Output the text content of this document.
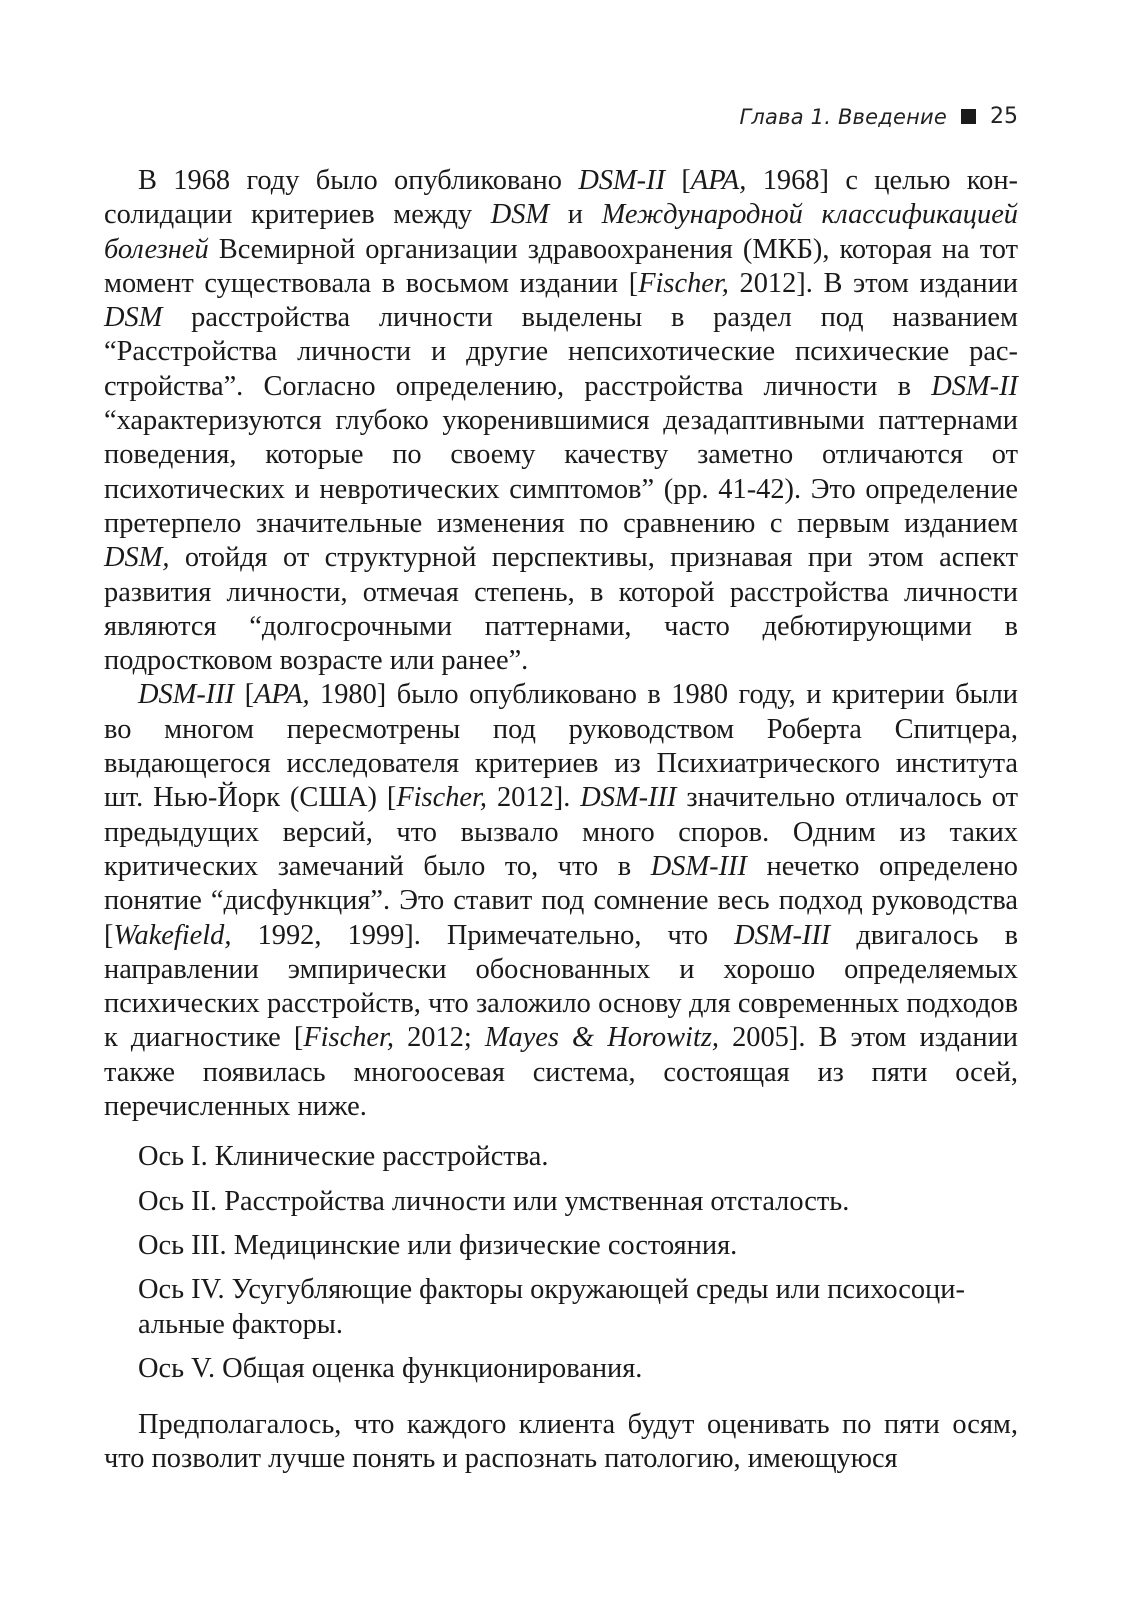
Глава 1. Введение 25

В 1968 году было опубликовано DSM-II [APA, 1968] с целью консолидации критериев между DSM и Международной классификацией болезней Всемирной организации здравоохранения (МКБ), которая на тот момент существовала в восьмом издании [Fischer, 2012]. В этом издании DSM расстройства личности выделены в раздел под названием “Расстройства личности и другие непсихотические психические расстройства”. Согласно определению, расстройства личности в DSM-II “характеризуются глубоко укоренившимися дезадаптивными паттернами поведения, которые по своему качеству заметно отличаются от психотических и невротических симптомов” (pp. 41-42). Это определение претерпело значительные изменения по сравнению с первым изданием DSM, отойдя от структурной перспективы, признавая при этом аспект развития личности, отмечая степень, в которой расстройства личности являются “долгосрочными паттернами, часто дебютирующими в подростковом возрасте или ранее”.

DSM-III [APA, 1980] было опубликовано в 1980 году, и критерии были во многом пересмотрены под руководством Роберта Спитцера, выдающегося исследователя критериев из Психиатрического института шт. Нью-Йорк (США) [Fischer, 2012]. DSM-III значительно отличалось от предыдущих версий, что вызвало много споров. Одним из таких критических замечаний было то, что в DSM-III нечетко определено понятие “дисфункция”. Это ставит под сомнение весь подход руководства [Wakefield, 1992, 1999]. Примечательно, что DSM-III двигалось в направлении эмпирически обоснованных и хорошо определяемых психических расстройств, что заложило основу для современных подходов к диагностике [Fischer, 2012; Mayes & Horowitz, 2005]. В этом издании также появилась многоосевая система, состоящая из пяти осей, перечисленных ниже.

Ось I. Клинические расстройства.
Ось II. Расстройства личности или умственная отсталость.
Ось III. Медицинские или физические состояния.
Ось IV. Усугубляющие факторы окружающей среды или психосоциальные факторы.
Ось V. Общая оценка функционирования.

Предполагалось, что каждого клиента будут оценивать по пяти осям, что позволит лучше понять и распознать патологию, имеющуюся
